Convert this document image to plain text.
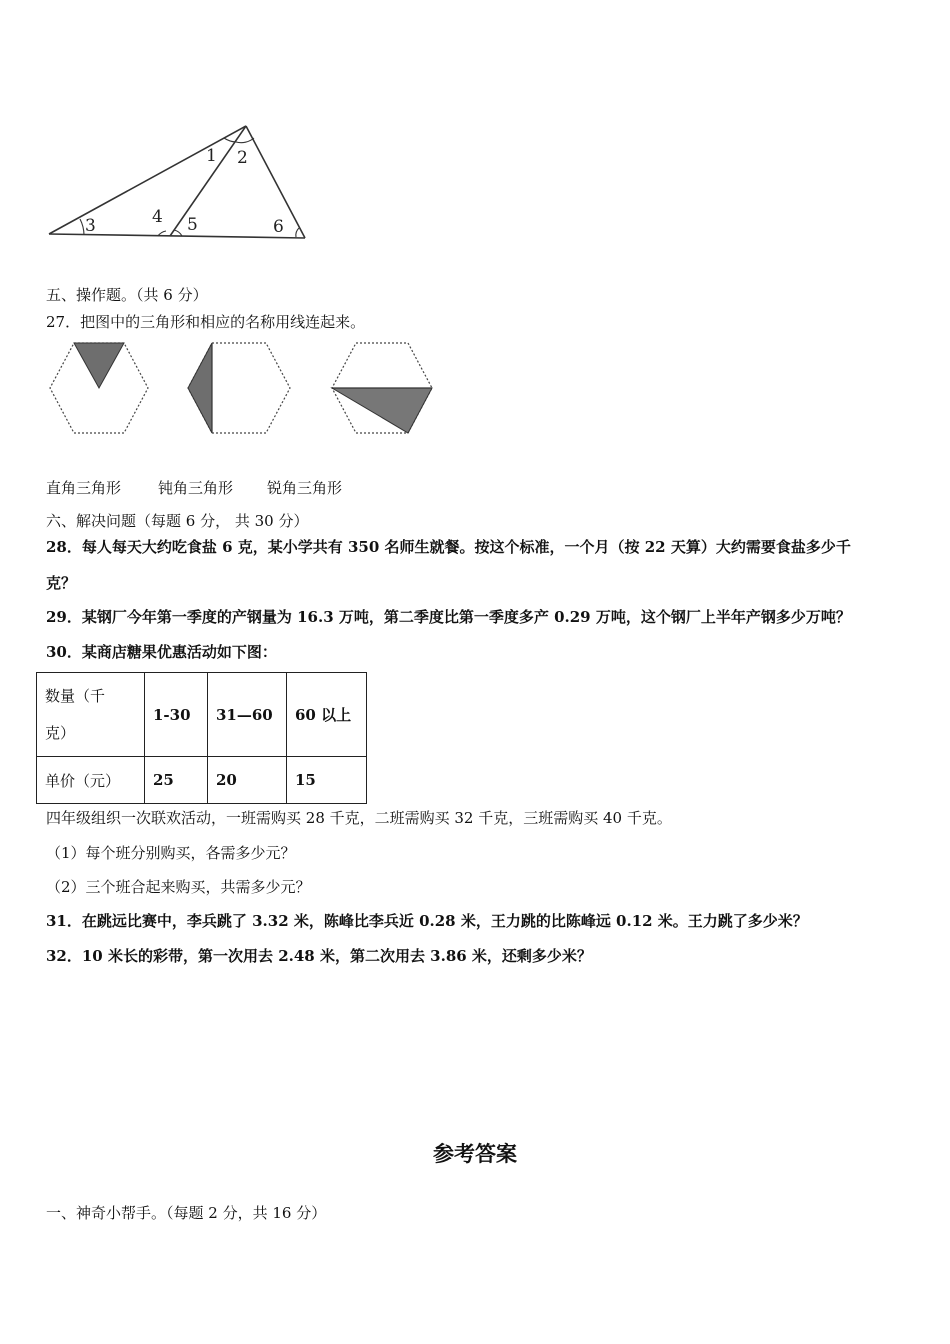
1 2
3	4 5	6
五、操作题。（共 6 分）
27．把图中的三角形和相应的名称用线连起来。
直角三角形 钝角三角形 锐角三角形
六、解决问题（每题 6 分， 共 30 分）
28．每人每天大约吃食盐 6 克，某小学共有 350 名师生就餐。按这个标准，一个月（按 22 天算）大约需要食盐多少千
克？
29．某钢厂今年第一季度的产钢量为 16.3 万吨，第二季度比第一季度多产 0.29 万吨，这个钢厂上半年产钢多少万吨？
30．某商店糖果优惠活动如下图：
数量（千
克）	1-30	31—60	60 以上
单价（元）	25	20	15
四年级组织一次联欢活动，一班需购买 28 千克，二班需购买 32 千克，三班需购买 40 千克。
（1）每个班分别购买，各需多少元？
（2）三个班合起来购买，共需多少元？
31．在跳远比赛中，李兵跳了 3.32 米，陈峰比李兵近 0.28 米，王力跳的比陈峰远 0.12 米。王力跳了多少米？
32．10 米长的彩带，第一次用去 2.48 米，第二次用去 3.86 米，还剩多少米？
参考答案
一、神奇小帮手。（每题 2 分，共 16 分）
